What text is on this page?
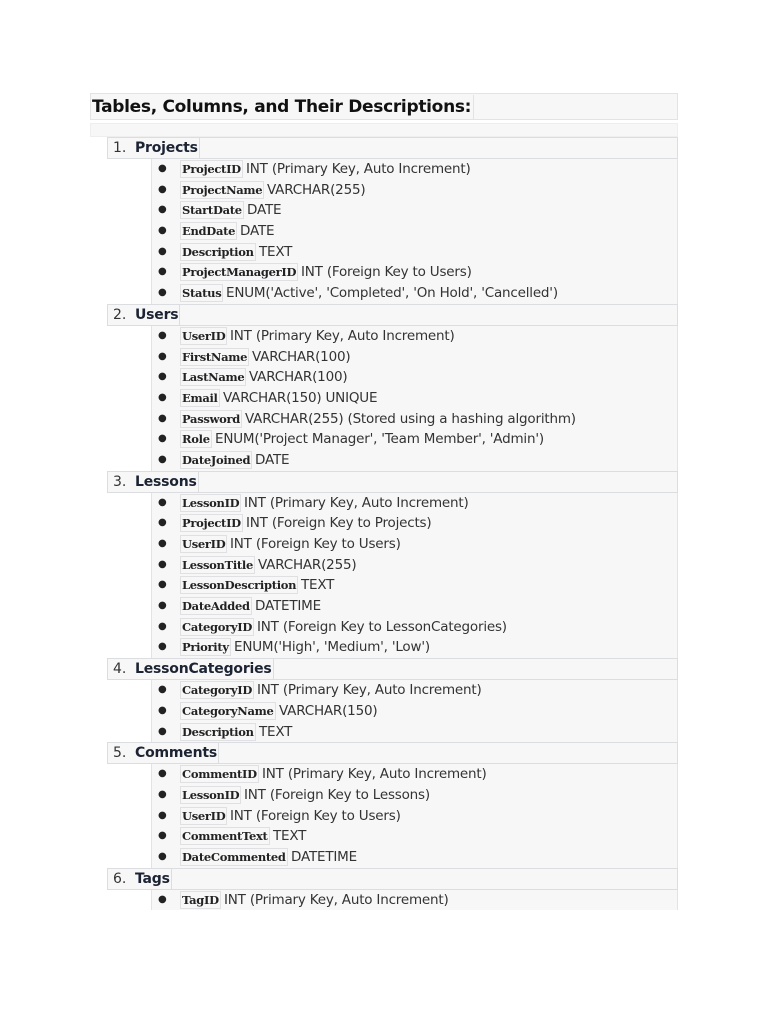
Tables, Columns, and Their Descriptions:
1. Projects
● ProjectID INT (Primary Key, Auto Increment)
● ProjectName VARCHAR(255)
● StartDate DATE
● EndDate DATE
● Description TEXT
● ProjectManagerID INT (Foreign Key to Users)
● Status ENUM('Active', 'Completed', 'On Hold', 'Cancelled')
2. Users
● UserID INT (Primary Key, Auto Increment)
● FirstName VARCHAR(100)
● LastName VARCHAR(100)
● Email VARCHAR(150) UNIQUE
● Password VARCHAR(255) (Stored using a hashing algorithm)
● Role ENUM('Project Manager', 'Team Member', 'Admin')
● DateJoined DATE
3. Lessons
● LessonID INT (Primary Key, Auto Increment)
● ProjectID INT (Foreign Key to Projects)
● UserID INT (Foreign Key to Users)
● LessonTitle VARCHAR(255)
● LessonDescription TEXT
● DateAdded DATETIME
● CategoryID INT (Foreign Key to LessonCategories)
● Priority ENUM('High', 'Medium', 'Low')
4. LessonCategories
● CategoryID INT (Primary Key, Auto Increment)
● CategoryName VARCHAR(150)
● Description TEXT
5. Comments
● CommentID INT (Primary Key, Auto Increment)
● LessonID INT (Foreign Key to Lessons)
● UserID INT (Foreign Key to Users)
● CommentText TEXT
● DateCommented DATETIME
6. Tags
● TagID INT (Primary Key, Auto Increment)
